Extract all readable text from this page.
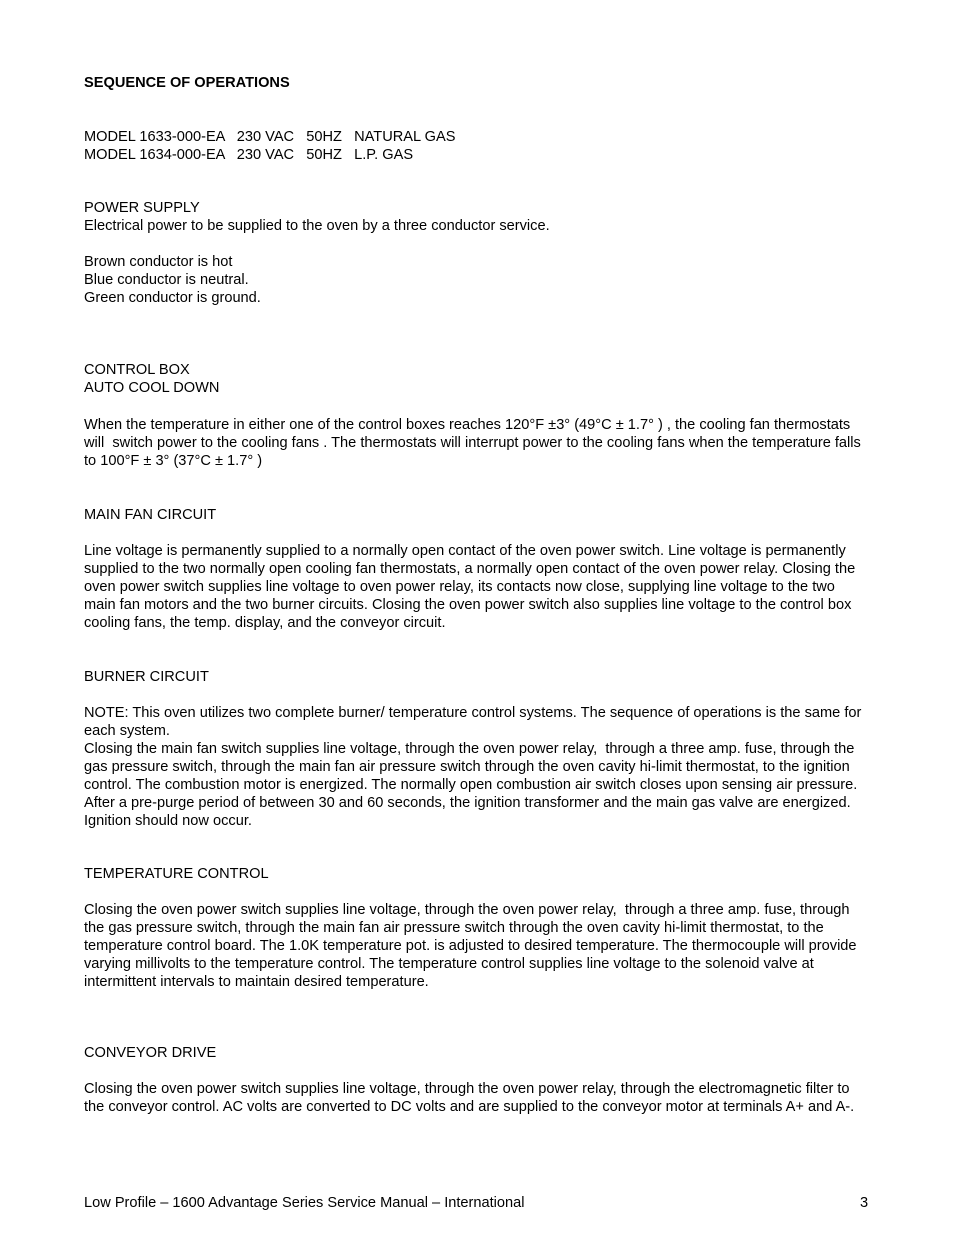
SEQUENCE OF OPERATIONS
MODEL 1633-000-EA   230 VAC   50HZ   NATURAL GAS
MODEL 1634-000-EA   230 VAC   50HZ   L.P. GAS
POWER SUPPLY
Electrical power to be supplied to the oven by a three conductor service.
Brown conductor is hot
Blue conductor is neutral.
Green conductor is ground.
CONTROL BOX
AUTO COOL DOWN
When the temperature in either one of the control boxes reaches 120°F ±3° (49°C ± 1.7° ) , the cooling fan thermostats will  switch power to the cooling fans . The thermostats will interrupt power to the cooling fans when the temperature falls to 100°F ± 3° (37°C ± 1.7° )
MAIN FAN CIRCUIT
Line voltage is permanently supplied to a normally open contact of the oven power switch. Line voltage is permanently supplied to the two normally open cooling fan thermostats, a normally open contact of the oven power relay. Closing the oven power switch supplies line voltage to oven power relay, its contacts now close, supplying line voltage to the two main fan motors and the two burner circuits. Closing the oven power switch also supplies line voltage to the control box cooling fans, the temp. display, and the conveyor circuit.
BURNER CIRCUIT
NOTE: This oven utilizes two complete burner/ temperature control systems. The sequence of operations is the same for each system.
Closing the main fan switch supplies line voltage, through the oven power relay,  through a three amp. fuse, through the gas pressure switch, through the main fan air pressure switch through the oven cavity hi-limit thermostat, to the ignition control. The combustion motor is energized. The normally open combustion air switch closes upon sensing air pressure. After a pre-purge period of between 30 and 60 seconds, the ignition transformer and the main gas valve are energized. Ignition should now occur.
TEMPERATURE CONTROL
Closing the oven power switch supplies line voltage, through the oven power relay,  through a three amp. fuse, through the gas pressure switch, through the main fan air pressure switch through the oven cavity hi-limit thermostat, to the temperature control board. The 1.0K temperature pot. is adjusted to desired temperature. The thermocouple will provide varying millivolts to the temperature control. The temperature control supplies line voltage to the solenoid valve at intermittent intervals to maintain desired temperature.
CONVEYOR DRIVE
Closing the oven power switch supplies line voltage, through the oven power relay, through the electromagnetic filter to the conveyor control. AC volts are converted to DC volts and are supplied to the conveyor motor at terminals A+ and A-.
Low Profile – 1600 Advantage Series Service Manual – International	3
